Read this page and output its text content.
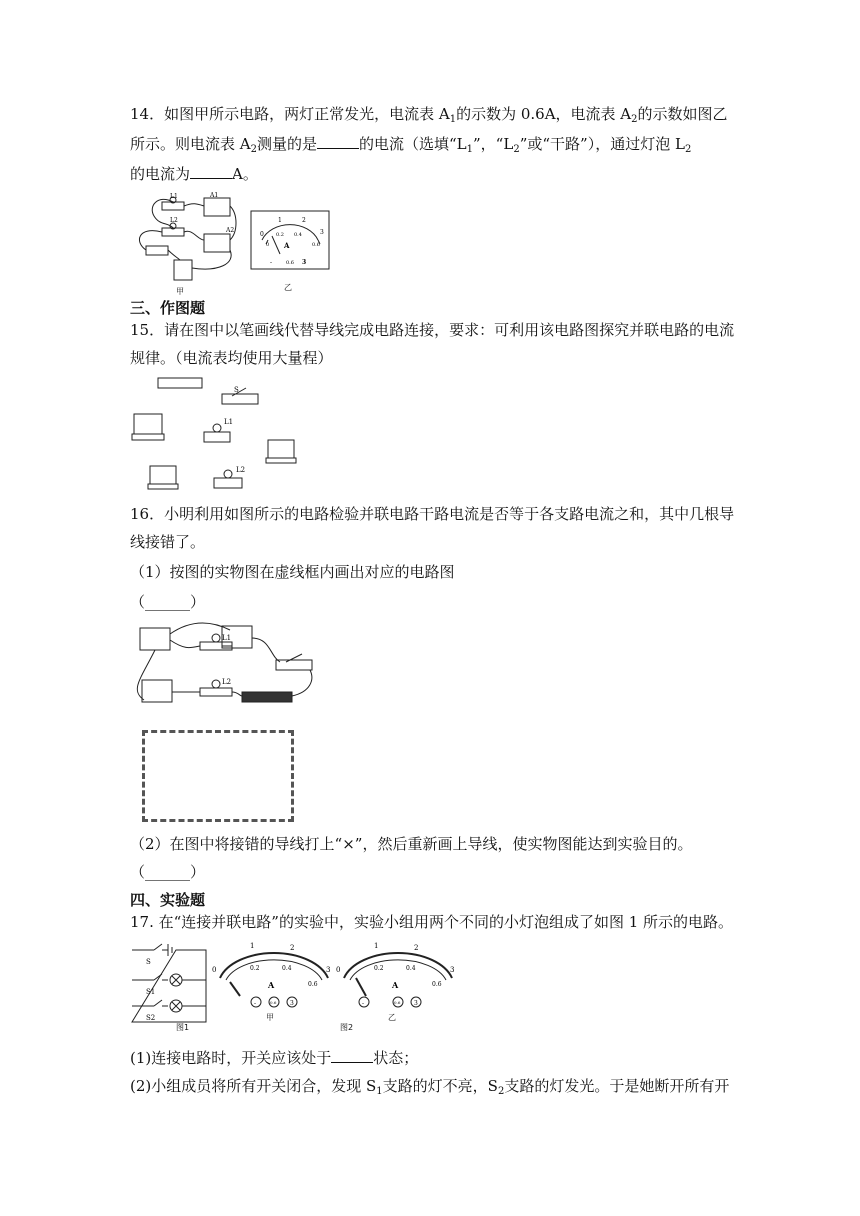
14．如图甲所示电路，两灯正常发光，电流表 $A_1$的示数为 0.6A，电流表 $A_2$的示数如图乙
所示。则电流表 $A_2$测量的是	的电流（选填“$L_1$”，“$L_2$”或“干路”），通过灯泡 $L_2$
的电流为	A。
L1
L2
A1
A2
甲
0
1	2
3
0
0.2 0.4
0.6
A
-	0.6 3
乙
三、作图题
15．请在图中以笔画线代替导线完成电路连接，要求：可利用该电路图探究并联电路的电流
规律。（电流表均使用大量程）
S
L1
L2
16．小明利用如图所示的电路检验并联电路干路电流是否等于各支路电流之和，其中几根导
线接错了。
（1）按图的实物图在虚线框内画出对应的电路图
（______）
L1
L2
（2）在图中将接错的导线打上“×”，然后重新画上导线，使实物图能达到实验目的。
（______）
四、实验题
17. 在“连接并联电路”的实验中，实验小组用两个不同的小灯泡组成了如图 1 所示的电路。
S
S1
S2
图1
0
1	2
3
0.2	0.4
0.6
A
-	0.6 3
甲
0
1	2
3
0.2	0.4
0.6
A
-	0.6 3
图2
乙
(1)连接电路时，开关应该处于	状态；
(2)小组成员将所有开关闭合，发现 $S_1$支路的灯不亮，$S_2$支路的灯发光。于是她断开所有开
